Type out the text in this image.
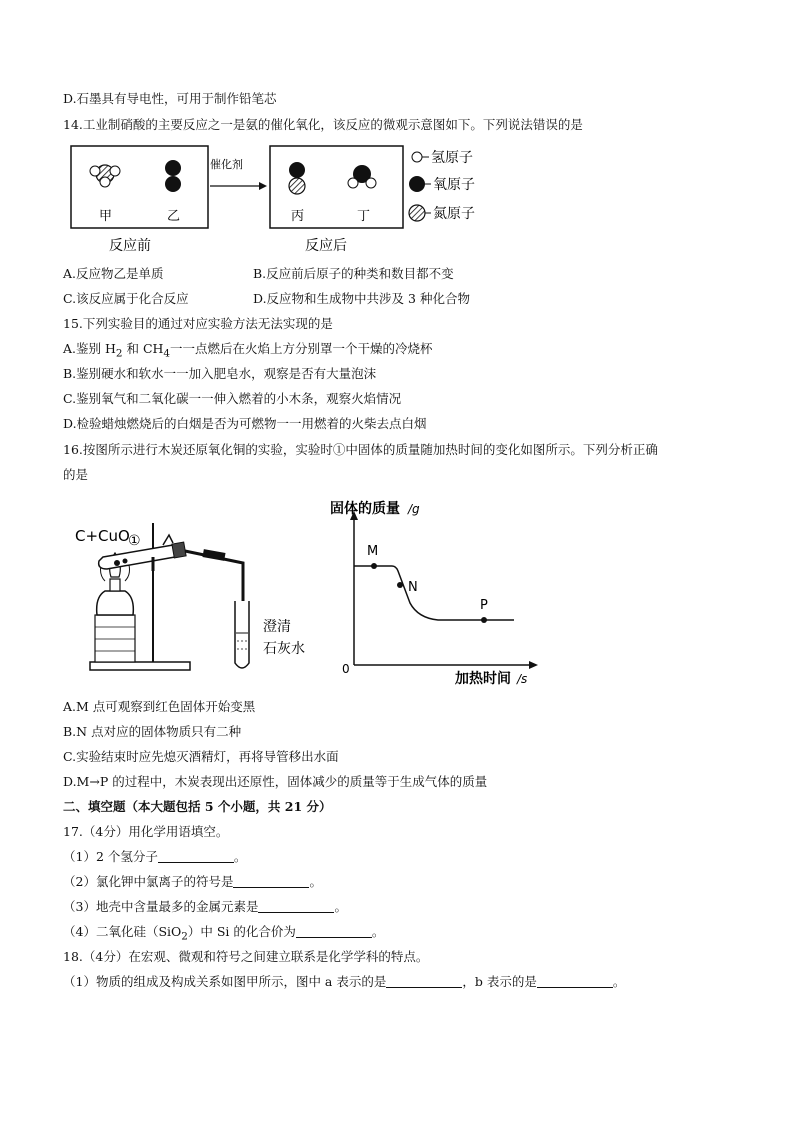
D.石墨具有导电性，可用于制作铅笔芯
14.工业制硝酸的主要反应之一是氨的催化氧化，该反应的微观示意图如下。下列说法错误的是
甲	乙
催化剂
丙	丁
反应前	反应后
氢原子
氧原子
氮原子
A.反应物乙是单质	B.反应前后原子的种类和数目都不变
C.该反应属于化合反应	D.反应物和生成物中共涉及 3 种化合物
15.下列实验目的通过对应实验方法无法实现的是
A.鉴别 $H_2$ 和 $CH_4$一一点燃后在火焰上方分别罩一个干燥的冷烧杯
B.鉴别硬水和软水一一加入肥皂水，观察是否有大量泡沫
C.鉴别氧气和二氧化碳一一伸入燃着的小木条，观察火焰情况
D.检验蜡烛燃烧后的白烟是否为可燃物一一用燃着的火柴去点白烟
16.按图所示进行木炭还原氧化铜的实验，实验时①中固体的质量随加热时间的变化如图所示。下列分析正确
的是
C+CuO
①
澄清
石灰水
M
N
P
固体的质量 /g
0
加热时间 /s
A.M 点可观察到红色固体开始变黑
B.N 点对应的固体物质只有二种
C.实验结束时应先熄灭酒精灯，再将导管移出水面
D.M→P 的过程中，木炭表现出还原性，固体减少的质量等于生成气体的质量
二、填空题（本大题包括 5 个小题，共 21 分）
17.（4分）用化学用语填空。
（1）2 个氢分子	。
（2）氯化钾中氯离子的符号是	。
（3）地壳中含量最多的金属元素是	。
（4）二氧化硅（SiO$_2$）中 Si 的化合价为	。
18.（4分）在宏观、微观和符号之间建立联系是化学学科的特点。
（1）物质的组成及构成关系如图甲所示，图中 a 表示的是	，b 表示的是	。
